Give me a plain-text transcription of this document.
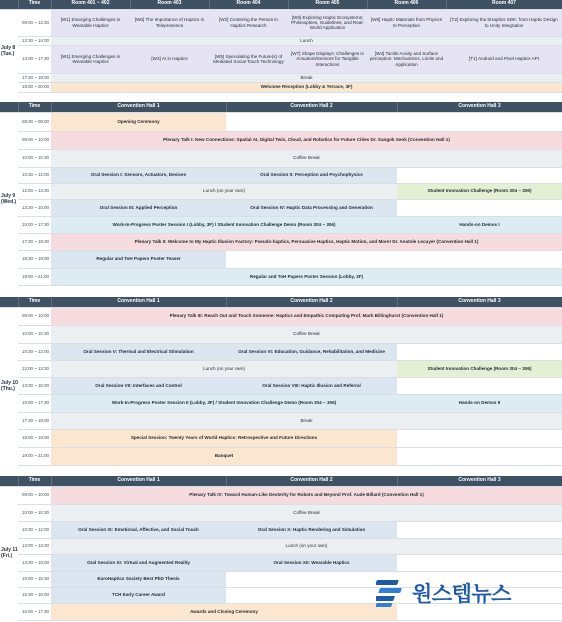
	Time	Room 401 ~ 402	Room 403	Room 404	Room 405	Room 406	Room 407
July 8 (Tue.)	09:00 ~ 12:30	[W1] Emerging Challenges in Wearable Haptics	[W6] The Importance of Haptics in Telepresence	[W2] Centering the Person in Haptics Research	[W9] Exploring Haptic Ecosystems: Philosophies, Guidelines, and Real-World Application	[W8] Haptic Materials from Physics to Perception	[T2] Exploring the bHaptics SDK: from Haptic Design to Unity Integration
	12:30 ~ 14:00	Lunch					
	14:00 ~ 17:30	[W1] Emerging Challenges in Wearable Haptics	[W3] AI in Haptics	[W5] Speculating the Future(s) of Mediated Social Touch Technology	[W7] Shape Displays: Challenges in Actuators/Sensors for Tangible Interactions	[W4] Tactile Acuity and Surface perception: Mechanisms, Limits and Application	[T1] Android and Pixel Haptics API
	17:30 ~ 18:00	Break					
	18:00 ~ 20:00	Welcome Reception (Lobby & Terrace, 3F)					
	Time	Convention Hall 1	Convention Hall 2	Convention Hall 3
July 9 (Wed.)	08:30 ~ 09:00	Opening Ceremony		
	09:00 ~ 10:00	Plenary Talk I: New Connections: Spatial AI, Digital Twin, Cloud, and Robotics for Future Cities Dr. Sangok Seok (Convention Hall 1)		
	10:00 ~ 10:30	Coffee Break		
	10:30 ~ 12:00	Oral Session I: Sensors, Actuators, Devices	Oral Session II: Perception and Psychophysics	
	12:00 ~ 13:30	Lunch (on your own)		Student Innovation Challenge (Room 304 ~ 306)
	13:30 ~ 15:00	Oral Session III: Applied Perception	Oral Session IV: Haptic Data Processing and Generation	
	15:00 ~ 17:30	Work-In-Progress Poster Session I (Lobby, 3F) / Student Innovation Challenge Demo (Room 304 ~ 306)		Hands-on Demos I
	17:30 ~ 18:30	Plenary Talk II: Welcome to My Haptic Illusion Factory: Pseudo-haptics, Persuasive Haptics, Haptic Motion, and More! Dr. Anatole Lecuyer (Convention Hall 1)		
	18:30 ~ 19:00	Regular and ToH Papers Poster Teaser		
	19:00 ~ 21:00	Regular and ToH Papers Poster Session (Lobby, 3F)		
	Time	Convention Hall 1	Convention Hall 2	Convention Hall 3
July 10 (Thu.)	09:00 ~ 10:00	Plenary Talk III: Reach Out and Touch Someone: Haptics and Empathic Computing Prof. Mark Billinghurst (Convention Hall 1)		
	10:00 ~ 10:30	Coffee Break		
	10:30 ~ 12:00	Oral Session V: Thermal and Electrical Stimulation	Oral Session VI: Education, Guidance, Rehabilitation, and Medicine	
	12:00 ~ 13:30	Lunch (on your own)		Student Innovation Challenge (Room 304 ~ 306)
	13:30 ~ 15:00	Oral Session VII: Interfaces and Control	Oral Session VIII: Haptic Illusion and Referral	
	15:00 ~ 17:30	Work-In-Progress Poster Session II (Lobby, 3F) / Student Innovation Challenge Demo (Room 304 ~ 306)		Hands-on Demos II
	17:30 ~ 18:00	Break		
	18:00 ~ 19:00	Special Session: Twenty Years of World Haptics: Retrospective and Future Directions		
	19:00 ~ 21:00	Banquet		
	Time	Convention Hall 1	Convention Hall 2	Convention Hall 3
July 11 (Fri.)	09:00 ~ 10:00	Plenary Talk IV: Toward Human-Like Dexterity for Robots and Beyond Prof. Aude Billard (Convention Hall 1)		
	10:00 ~ 10:30	Coffee Break		
	10:30 ~ 12:00	Oral Session IX: Emotional, Affective, and Social Touch	Oral Session X: Haptic Rendering and Simulation	
	12:00 ~ 13:30	Lunch (on your own)		
	13:30 ~ 15:00	Oral Session XI: Virtual and Augmented Reality	Oral Session XII: Wearable Haptics	
	15:00 ~ 15:30	EuroHaptics Society Best PhD Thesis		
	15:30 ~ 16:00	TCH Early Career Award		
	16:00 ~ 17:30	Awards and Closing Ceremony		
원스텝뉴스
